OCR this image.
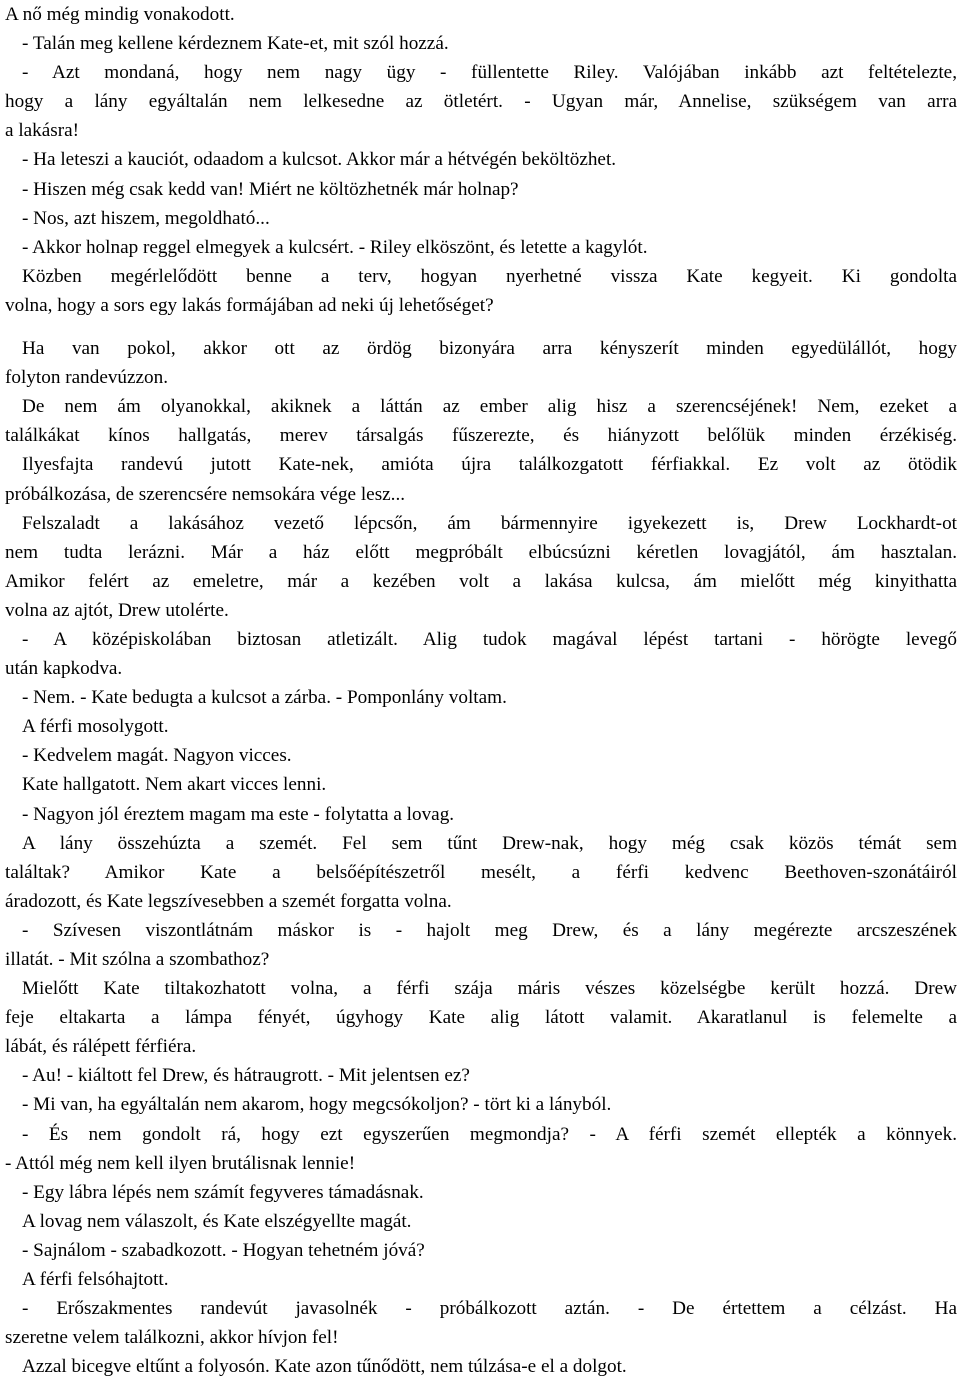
A nő még mindig vonakodott.
- Talán meg kellene kérdeznem Kate-et, mit szól hozzá.
- Azt mondaná, hogy nem nagy ügy - füllentette Riley. Valójában inkább azt feltételezte,
hogy a lány egyáltalán nem lelkesedne az ötletért. - Ugyan már, Annelise, szükségem van arra
a lakásra!
- Ha leteszi a kauciót, odaadom a kulcsot. Akkor már a hétvégén beköltözhet.
- Hiszen még csak kedd van! Miért ne költözhetnék már holnap?
- Nos, azt hiszem, megoldható...
- Akkor holnap reggel elmegyek a kulcsért. - Riley elköszönt, és letette a kagylót.
Közben megérlelődött benne a terv, hogyan nyerhetné vissza Kate kegyeit. Ki gondolta
volna, hogy a sors egy lakás formájában ad neki új lehetőséget?
Ha van pokol, akkor ott az ördög bizonyára arra kényszerít minden egyedülállót, hogy
folyton randevúzzon.
De nem ám olyanokkal, akiknek a láttán az ember alig hisz a szerencséjének! Nem, ezeket a
találkákat kínos hallgatás, merev társalgás fűszerezte, és hiányzott belőlük minden érzékiség.
Ilyesfajta randevú jutott Kate-nek, amióta újra találkozgatott férfiakkal. Ez volt az ötödik
próbálkozása, de szerencsére nemsokára vége lesz...
Felszaladt a lakásához vezető lépcsőn, ám bármennyire igyekezett is, Drew Lockhardt-ot
nem tudta lerázni. Már a ház előtt megpróbált elbúcsúzni kéretlen lovagjától, ám hasztalan.
Amikor felért az emeletre, már a kezében volt a lakása kulcsa, ám mielőtt még kinyithatta
volna az ajtót, Drew utolérte.
- A középiskolában biztosan atletizált. Alig tudok magával lépést tartani - hörögte levegő
után kapkodva.
- Nem. - Kate bedugta a kulcsot a zárba. - Pomponlány voltam.
A férfi mosolygott.
- Kedvelem magát. Nagyon vicces.
Kate hallgatott. Nem akart vicces lenni.
- Nagyon jól éreztem magam ma este - folytatta a lovag.
A lány összehúzta a szemét. Fel sem tűnt Drew-nak, hogy még csak közös témát sem
találtak? Amikor Kate a belsőépítészetről mesélt, a férfi kedvenc Beethoven-szonátáiról
áradozott, és Kate legszívesebben a szemét forgatta volna.
- Szívesen viszontlátnám máskor is - hajolt meg Drew, és a lány megérezte arcszeszének
illatát. - Mit szólna a szombathoz?
Mielőtt Kate tiltakozhatott volna, a férfi szája máris vészes közelségbe került hozzá. Drew
feje eltakarta a lámpa fényét, úgyhogy Kate alig látott valamit. Akaratlanul is felemelte a
lábát, és rálépett férfiéra.
- Au! - kiáltott fel Drew, és hátraugrott. - Mit jelentsen ez?
- Mi van, ha egyáltalán nem akarom, hogy megcsókoljon? - tört ki a lányból.
- És nem gondolt rá, hogy ezt egyszerűen megmondja? - A férfi szemét ellepték a könnyek.
- Attól még nem kell ilyen brutálisnak lennie!
- Egy lábra lépés nem számít fegyveres támadásnak.
A lovag nem válaszolt, és Kate elszégyellte magát.
- Sajnálom - szabadkozott. - Hogyan tehetném jóvá?
A férfi felsóhajtott.
- Erőszakmentes randevút javasolnék - próbálkozott aztán. - De értettem a célzást. Ha
szeretne velem találkozni, akkor hívjon fel!
Azzal bicegve eltűnt a folyosón. Kate azon tűnődött, nem túlzása-e el a dolgot.
